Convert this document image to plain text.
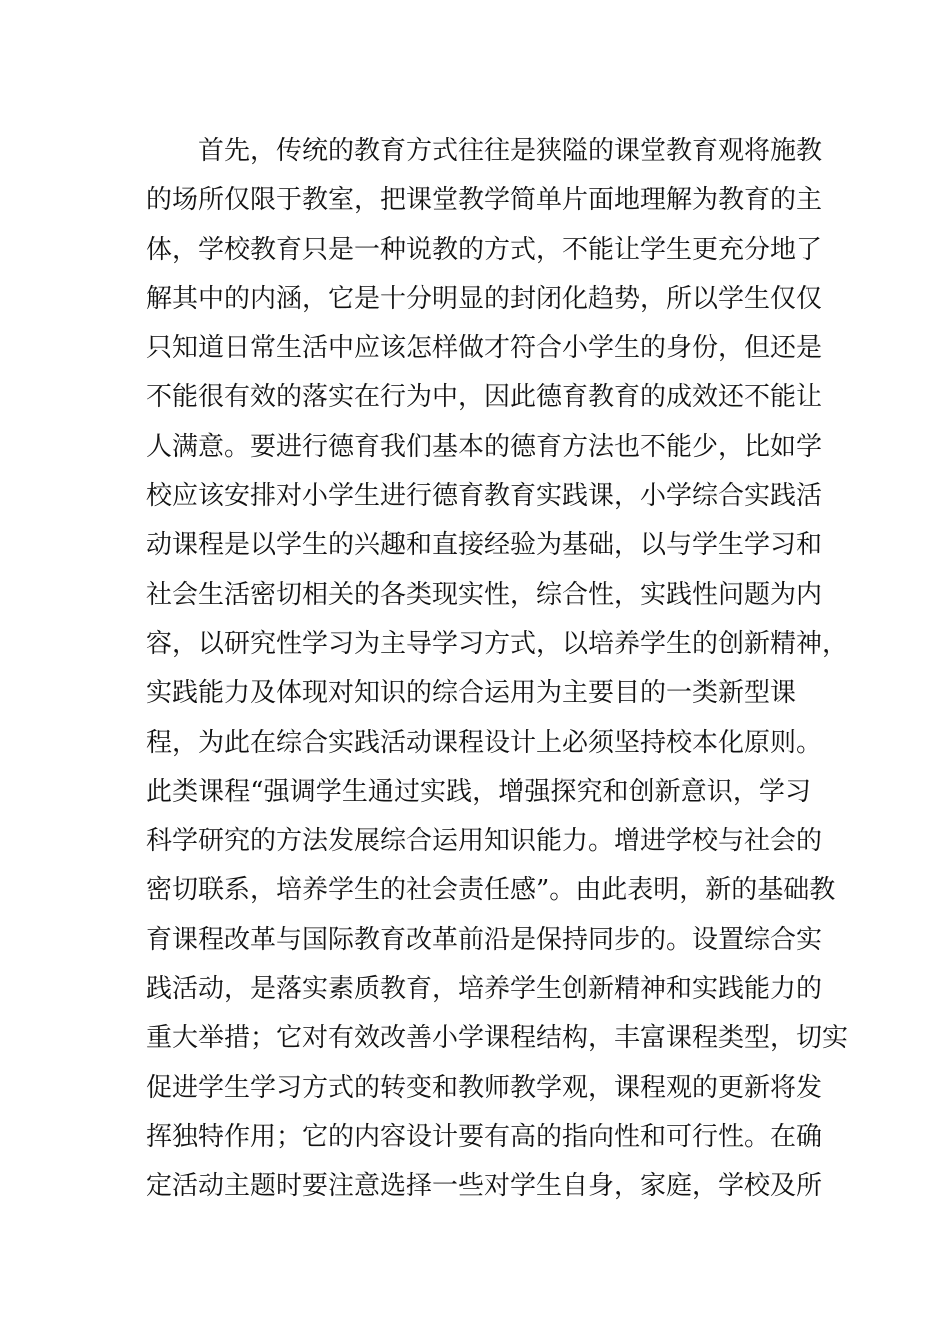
首先，传统的教育方式往往是狭隘的课堂教育观将施教
的场所仅限于教室，把课堂教学简单片面地理解为教育的主
体，学校教育只是一种说教的方式，不能让学生更充分地了
解其中的内涵，它是十分明显的封闭化趋势，所以学生仅仅
只知道日常生活中应该怎样做才符合小学生的身份，但还是
不能很有效的落实在行为中，因此德育教育的成效还不能让
人满意。要进行德育我们基本的德育方法也不能少，比如学
校应该安排对小学生进行德育教育实践课，小学综合实践活
动课程是以学生的兴趣和直接经验为基础，以与学生学习和
社会生活密切相关的各类现实性，综合性，实践性问题为内
容，以研究性学习为主导学习方式，以培养学生的创新精神，
实践能力及体现对知识的综合运用为主要目的一类新型课
程，为此在综合实践活动课程设计上必须坚持校本化原则。
此类课程“强调学生通过实践，增强探究和创新意识，学习
科学研究的方法发展综合运用知识能力。增进学校与社会的
密切联系，培养学生的社会责任感”。由此表明，新的基础教
育课程改革与国际教育改革前沿是保持同步的。设置综合实
践活动，是落实素质教育，培养学生创新精神和实践能力的
重大举措；它对有效改善小学课程结构，丰富课程类型，切实
促进学生学习方式的转变和教师教学观，课程观的更新将发
挥独特作用；它的内容设计要有高的指向性和可行性。在确
定活动主题时要注意选择一些对学生自身，家庭，学校及所
